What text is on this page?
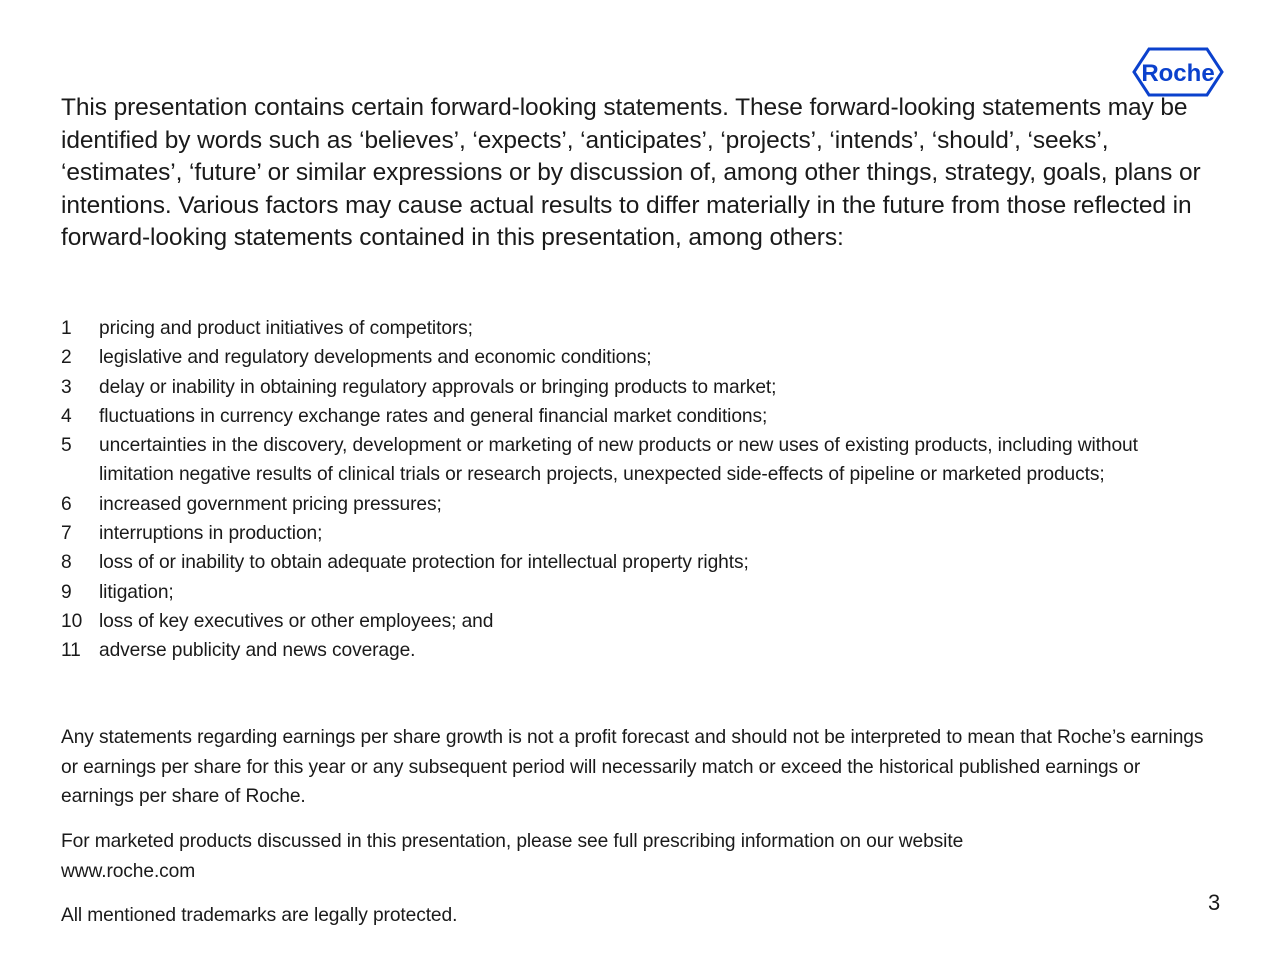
Roche

This presentation contains certain forward-looking statements. These forward-looking statements may be identified by words such as ‘believes’, ‘expects’, ‘anticipates’, ‘projects’, ‘intends’, ‘should’, ‘seeks’, ‘estimates’, ‘future’ or similar expressions or by discussion of, among other things, strategy, goals, plans or intentions. Various factors may cause actual results to differ materially in the future from those reflected in forward-looking statements contained in this presentation, among others:

1	pricing and product initiatives of competitors;
2	legislative and regulatory developments and economic conditions;
3	delay or inability in obtaining regulatory approvals or bringing products to market;
4	fluctuations in currency exchange rates and general financial market conditions;
5	uncertainties in the discovery, development or marketing of new products or new uses of existing products, including without limitation negative results of clinical trials or research projects, unexpected side-effects of pipeline or marketed products;
6	increased government pricing pressures;
7	interruptions in production;
8	loss of or inability to obtain adequate protection for intellectual property rights;
9	litigation;
10 loss of key executives or other employees; and
11 adverse publicity and news coverage.

Any statements regarding earnings per share growth is not a profit forecast and should not be interpreted to mean that Roche’s earnings or earnings per share for this year or any subsequent period will necessarily match or exceed the historical published earnings or earnings per share of Roche.

For marketed products discussed in this presentation, please see full prescribing information on our website
www.roche.com

All mentioned trademarks are legally protected.

3
